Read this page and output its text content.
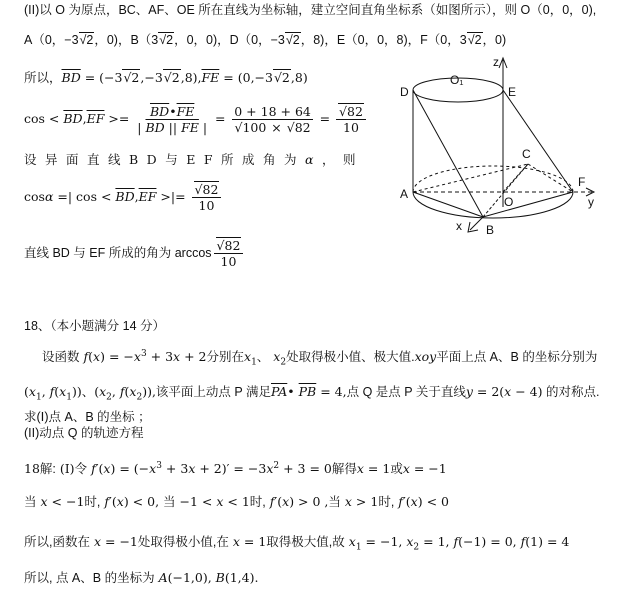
(II)以 O 为原点，BC、AF、OE 所在直线为坐标轴，建立空间直角坐标系（如图所示），则 O（0，0，0),
A（0，−3√2，0)，B（3√2，0，0)，D（0，−3√2，8)，E（0，0，8)，F（0，3√2，0)
所以，$\overline{BD} = (-3√2,-3√2,8),\overline{FE} = (0,-3√2,8)$
$\cos < \overline{BD},\overline{EF} >= \frac{\overline{BD}•\overline{FE}}{| \overline{BD} || \overline{FE} |} = \frac{0 + 18 + 64}{√100 \times √82} = \frac{√82}{10}$
设异面直线BD与EF所成角为α，则
cosα =| $\cos < \overline{BD},\overline{EF}$ >|= $\frac{√82}{10}$
直线 BD 与 EF 所成的角为 $\arccos \frac{√82}{10}$
D
O₁
E
A
O
C
F
B
z
x
y
18、（本小题满分 14 分）
设函数 $f(x) = -x^3 + 3x + 2$分别在$x_1$、 $x_2$处取得极小值、极大值.xoy平面上点 A、B 的坐标分别为
($x_1$, $f(x_1)$)、($x_2$, $f(x_2)$),该平面上动点 P 满足$\overline{PA}•$ $\overline{PB} = 4$,点 Q 是点 P 关于直线y = 2(x − 4) 的对称点.
求(Ⅰ)点 A、B 的坐标 ；
(II)动点 Q 的轨迹方程
18解: (Ⅰ)令 $f'(x) = (-x^3 + 3x + 2)' = -3x^2 + 3 = 0$解得x = 1或x = −1
当 x < −1时, f′(x) < 0, 当 −1 < x < 1时, f′(x) > 0 ,当 x > 1时, f′(x) < 0
所以,函数在 x = −1处取得极小值,在 x = 1取得极大值,故 $x_1 = -1$, $x_2 = 1$, f(−1) = 0, f(1) = 4
所以, 点 A、B 的坐标为 A(−1,0), B(1,4).
